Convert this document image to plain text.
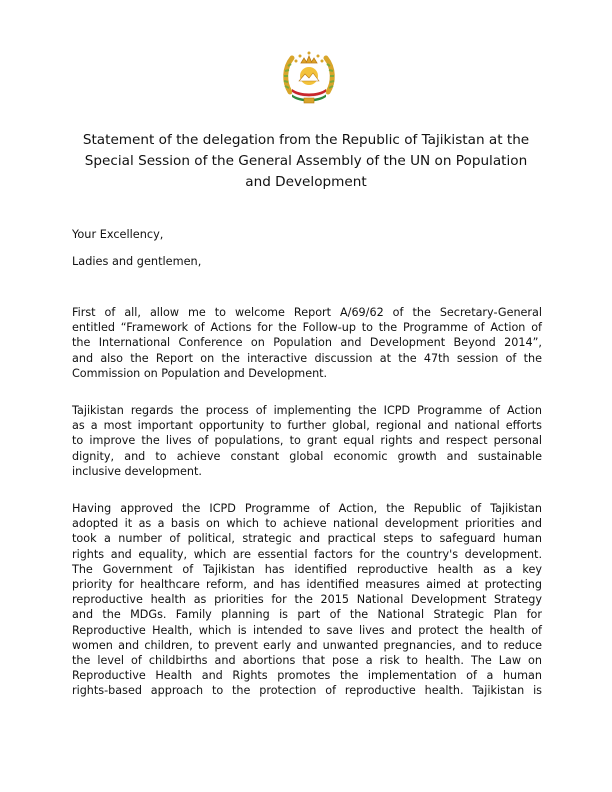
Statement of the delegation from the Republic of Tajikistan at the
Special Session of the General Assembly of the UN on Population
and Development
Your Excellency,
Ladies and gentlemen,
First of all, allow me to welcome Report A/69/62 of the Secretary-General
entitled “Framework of Actions for the Follow-up to the Programme of Action of
the International Conference on Population and Development Beyond 2014”,
and also the Report on the interactive discussion at the 47th session of the
Commission on Population and Development.
Tajikistan regards the process of implementing the ICPD Programme of Action
as a most important opportunity to further global, regional and national efforts
to improve the lives of populations, to grant equal rights and respect personal
dignity, and to achieve constant global economic growth and sustainable
inclusive development.
Having approved the ICPD Programme of Action, the Republic of Tajikistan
adopted it as a basis on which to achieve national development priorities and
took a number of political, strategic and practical steps to safeguard human
rights and equality, which are essential factors for the country's development.
The Government of Tajikistan has identified reproductive health as a key
priority for healthcare reform, and has identified measures aimed at protecting
reproductive health as priorities for the 2015 National Development Strategy
and the MDGs. Family planning is part of the National Strategic Plan for
Reproductive Health, which is intended to save lives and protect the health of
women and children, to prevent early and unwanted pregnancies, and to reduce
the level of childbirths and abortions that pose a risk to health. The Law on
Reproductive Health and Rights promotes the implementation of a human
rights-based approach to the protection of reproductive health. Tajikistan is
